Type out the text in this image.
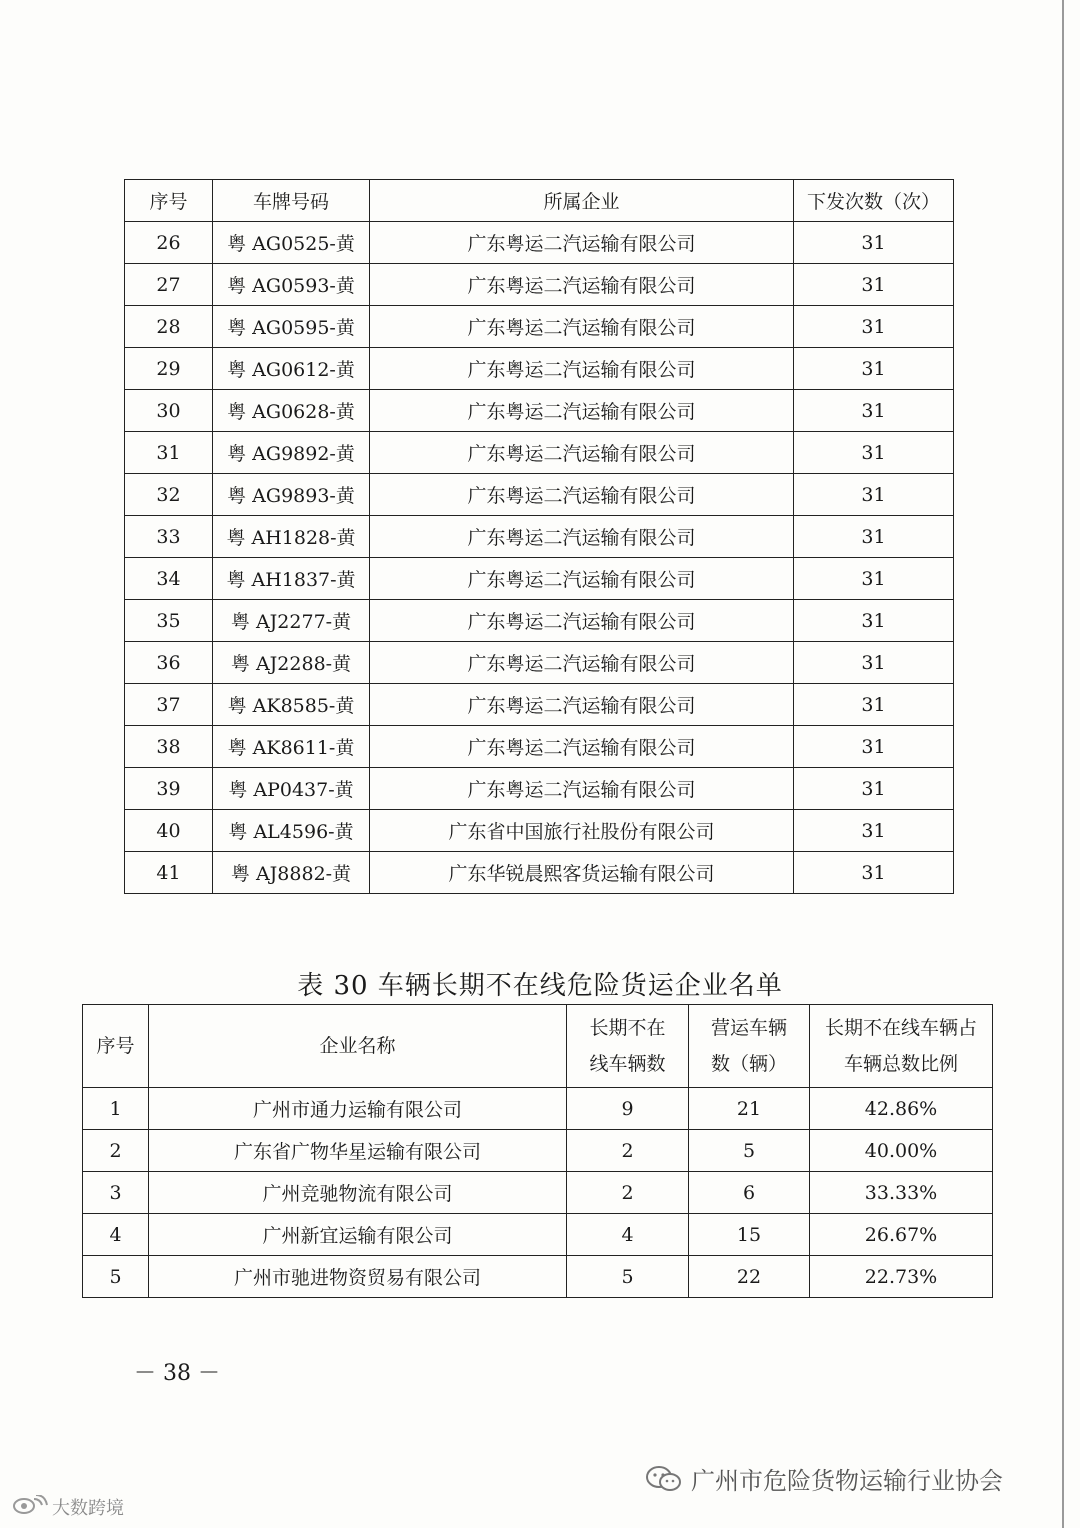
序号	车牌号码	所属企业	下发次数（次）
26	粤 AG0525-黄	广东粤运二汽运输有限公司	31
27	粤 AG0593-黄	广东粤运二汽运输有限公司	31
28	粤 AG0595-黄	广东粤运二汽运输有限公司	31
29	粤 AG0612-黄	广东粤运二汽运输有限公司	31
30	粤 AG0628-黄	广东粤运二汽运输有限公司	31
31	粤 AG9892-黄	广东粤运二汽运输有限公司	31
32	粤 AG9893-黄	广东粤运二汽运输有限公司	31
33	粤 AH1828-黄	广东粤运二汽运输有限公司	31
34	粤 AH1837-黄	广东粤运二汽运输有限公司	31
35	粤 AJ2277-黄	广东粤运二汽运输有限公司	31
36	粤 AJ2288-黄	广东粤运二汽运输有限公司	31
37	粤 AK8585-黄	广东粤运二汽运输有限公司	31
38	粤 AK8611-黄	广东粤运二汽运输有限公司	31
39	粤 AP0437-黄	广东粤运二汽运输有限公司	31
40	粤 AL4596-黄	广东省中国旅行社股份有限公司	31
41	粤 AJ8882-黄	广东华锐晨熙客货运输有限公司	31
表 30 车辆长期不在线危险货运企业名单
序号	企业名称	长期不在线车辆数	营运车辆数（辆）	长期不在线车辆占车辆总数比例
1	广州市通力运输有限公司	9	21	42.86%
2	广东省广物华星运输有限公司	2	5	40.00%
3	广州竞驰物流有限公司	2	6	33.33%
4	广州新宜运输有限公司	4	15	26.67%
5	广州市驰进物资贸易有限公司	5	22	22.73%
－ 38 －
广州市危险货物运输行业协会
大数跨境
